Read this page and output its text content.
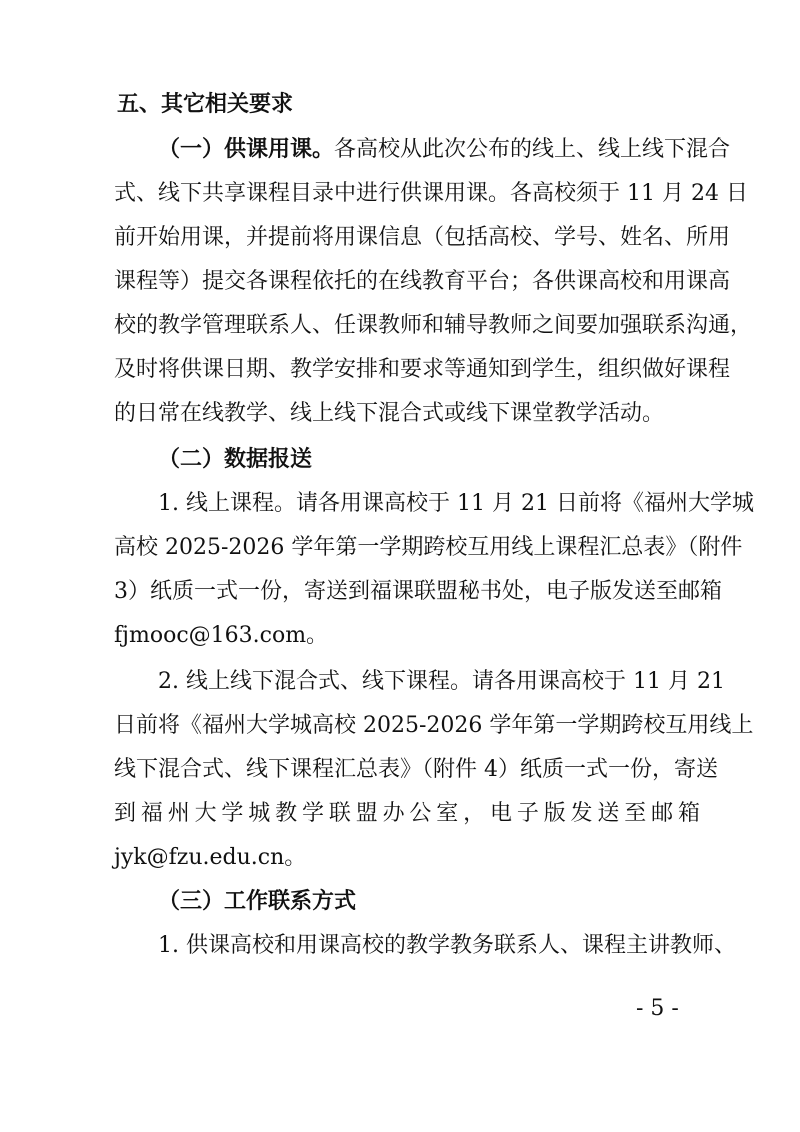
五、其它相关要求
（一）供课用课。各高校从此次公布的线上、线上线下混合
式、线下共享课程目录中进行供课用课。各高校须于 11 月 24 日
前开始用课，并提前将用课信息（包括高校、学号、姓名、所用
课程等）提交各课程依托的在线教育平台；各供课高校和用课高
校的教学管理联系人、任课教师和辅导教师之间要加强联系沟通，
及时将供课日期、教学安排和要求等通知到学生，组织做好课程
的日常在线教学、线上线下混合式或线下课堂教学活动。
（二）数据报送
1. 线上课程。请各用课高校于 11 月 21 日前将《福州大学城
高校 2025-2026 学年第一学期跨校互用线上课程汇总表》（附件
3）纸质一式一份，寄送到福课联盟秘书处，电子版发送至邮箱
fjmooc@163.com。
2. 线上线下混合式、线下课程。请各用课高校于 11 月 21
日前将《福州大学城高校 2025-2026 学年第一学期跨校互用线上
线下混合式、线下课程汇总表》（附件 4）纸质一式一份，寄送
到福州大学城教学联盟办公室，电子版发送至邮箱
jyk@fzu.edu.cn。
（三）工作联系方式
1. 供课高校和用课高校的教学教务联系人、课程主讲教师、
- 5 -
